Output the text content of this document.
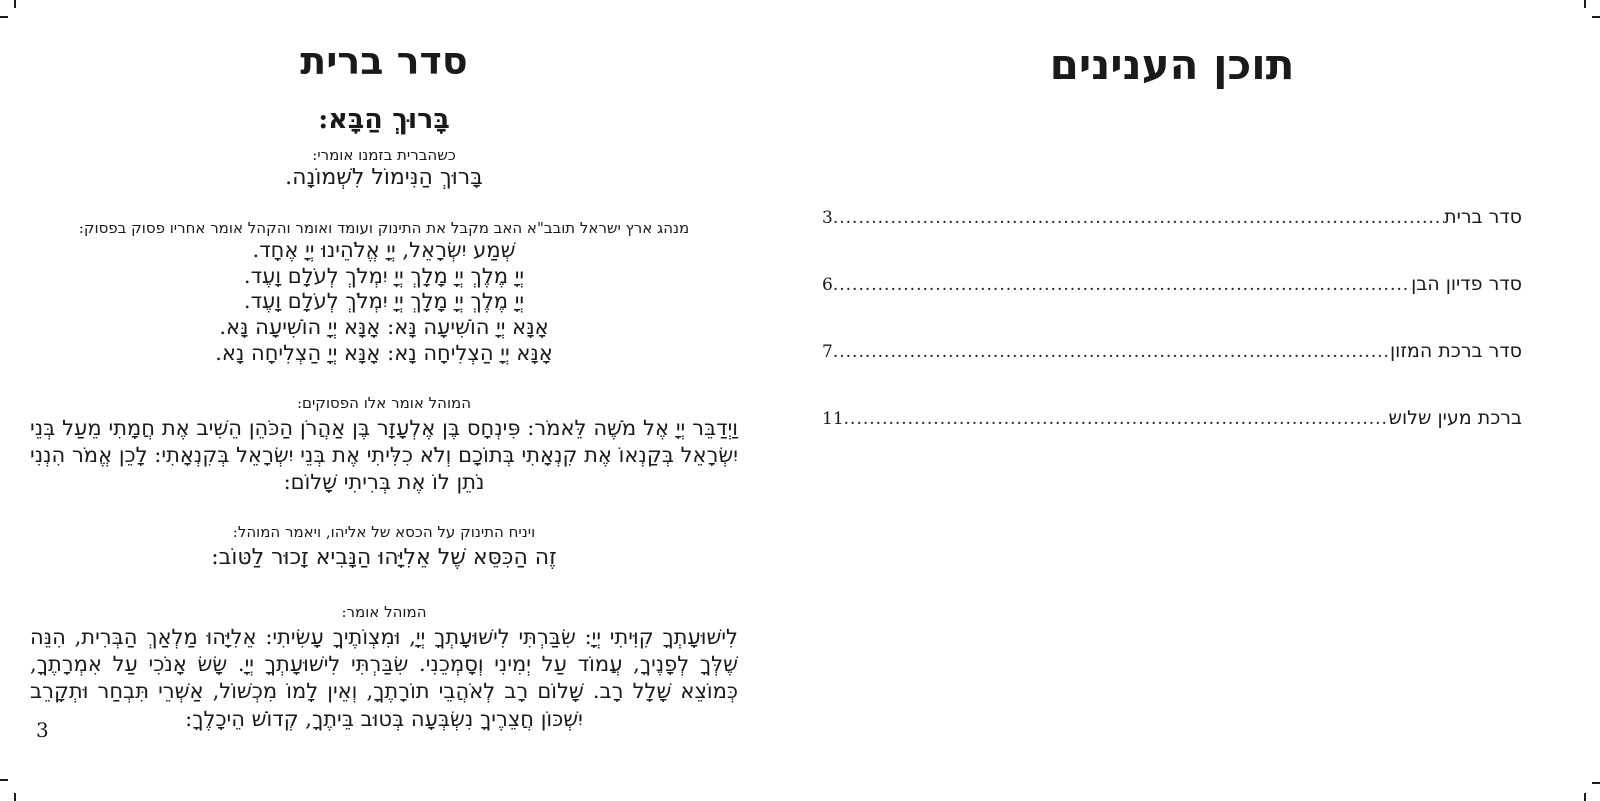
סדר ברית
בָּרוּךְ הַבָּא:
כשהברית בזמנו אומרי:
בָּרוּךְ הַנִּימוֹל לִשְׁמוֹנָה.
מנהג ארץ ישראל תובב"א האב מקבל את התינוק ועומד ואומר והקהל אומר אחריו פסוק בפסוק:
שְׁמַע יִשְׂרָאֵל, יְיָ אֱלֹהֵינוּ יְיָ אֶחָד.
יְיָ מֶלֶךְ יְיָ מָלָךְ יְיָ יִמְלֹךְ לְעֹלָם וָעֶד.
יְיָ מֶלֶךְ יְיָ מָלָךְ יְיָ יִמְלֹךְ לְעֹלָם וָעֶד.
אָנָּא יְיָ הוֹשִׁיעָה נָּא: אָנָּא יְיָ הוֹשִׁיעָה נָּא.
אָנָּא יְיָ הַצְלִיחָה נָא: אָנָּא יְיָ הַצְלִיחָה נָא.
המוהל אומר אלו הפסוקים:
וַיְדַבֵּר יְיָ אֶל מֹשֶׁה לֵּאמֹר: פִּינְחָס בֶּן אֶלְעָזָר בֶּן אַהֲרֹן הַכֹּהֵן הֵשִׁיב אֶת חֲמָתִי מֵעַל בְּנֵי יִשְׂרָאֵל בְּקַנְאוֹ אֶת קִנְאָתִי בְּתוֹכָם וְלֹא כִלִּיתִי אֶת בְּנֵי יִשְׂרָאֵל בְּקִנְאָתִי: לָכֵן אֱמֹר הִנְנִי נֹתֵן לוֹ אֶת בְּרִיתִי שָׁלוֹם:
ויניח התינוק על הכסא של אליהו, ויאמר המוהל:
זֶה הַכִּסֵּא שֶׁל אֵלִיָּהוּ הַנָּבִיא זָכוּר לַטּוֹב:
המוהל אומר:
לִישׁוּעָתְךָ קִוִּיתִי יְיָ: שִׂבַּרְתִּי לִישׁוּעָתְךָ יְיָ, וּמִצְוֹתֶיךָ עָשִׂיתִי: אֵלִיָּהוּ מַלְאַךְ הַבְּרִית, הִנֵּה שֶׁלְּךָ לְפָנֶיךָ, עֲמוֹד עַל יְמִינִי וְסָמְכֵנִי. שִׂבַּרְתִּי לִישׁוּעָתְךָ יְיָ. שָׂשׂ אָנֹכִי עַל אִמְרָתֶךָ, כְּמוֹצֵא שָׁלָל רָב. שָׁלוֹם רָב לְאֹהֲבֵי תוֹרָתֶךָ, וְאֵין לָמוֹ מִכְשׁוֹל, אַשְׁרֵי תִּבְחַר וּתְקָרֵב יִשְׁכּוֹן חֲצֵרֶיךָ נִשְׂבְּעָה בְּטוּב בֵּיתֶךָ, קְדוֹשׁ הֵיכָלֶךָ:
3
תוכן הענינים
סדר ברית
.....
3
סדר פדיון הבן
.....
6
סדר ברכת המזון
.....
7
ברכת מעין שלוש
.....
11
